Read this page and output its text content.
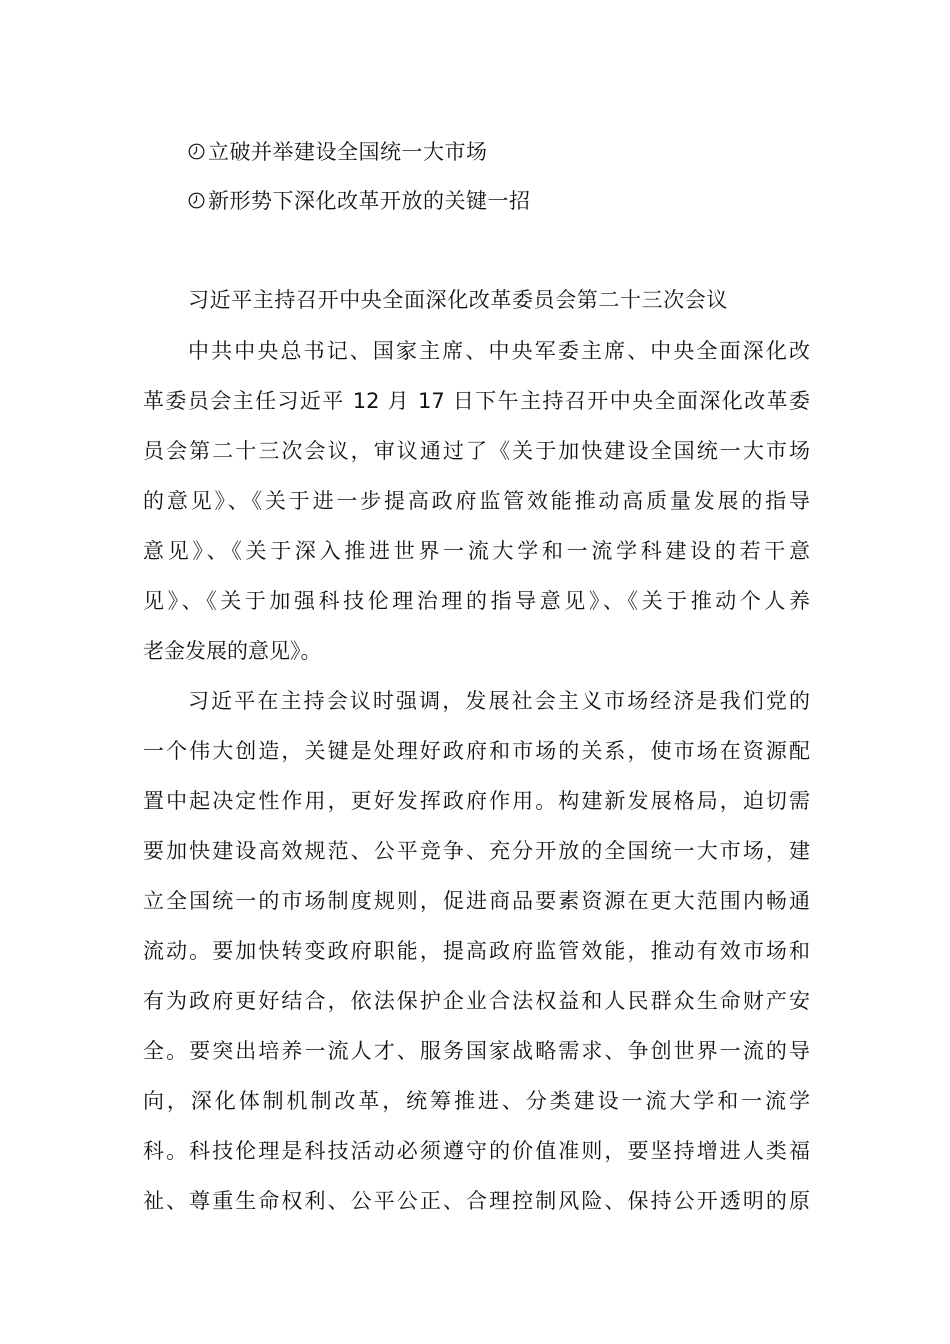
立破并举建设全国统一大市场
新形势下深化改革开放的关键一招
习近平主持召开中央全面深化改革委员会第二十三次会议
中共中央总书记、国家主席、中央军委主席、中央全面深化改
革委员会主任习近平 12 月 17 日下午主持召开中央全面深化改革委
员会第二十三次会议，审议通过了《关于加快建设全国统一大市场
的意见》、《关于进一步提高政府监管效能推动高质量发展的指导
意见》、《关于深入推进世界一流大学和一流学科建设的若干意
见》、《关于加强科技伦理治理的指导意见》、《关于推动个人养
老金发展的意见》。
习近平在主持会议时强调，发展社会主义市场经济是我们党的
一个伟大创造，关键是处理好政府和市场的关系，使市场在资源配
置中起决定性作用，更好发挥政府作用。构建新发展格局，迫切需
要加快建设高效规范、公平竞争、充分开放的全国统一大市场，建
立全国统一的市场制度规则，促进商品要素资源在更大范围内畅通
流动。要加快转变政府职能，提高政府监管效能，推动有效市场和
有为政府更好结合，依法保护企业合法权益和人民群众生命财产安
全。要突出培养一流人才、服务国家战略需求、争创世界一流的导
向，深化体制机制改革，统筹推进、分类建设一流大学和一流学
科。科技伦理是科技活动必须遵守的价值准则，要坚持增进人类福
祉、尊重生命权利、公平公正、合理控制风险、保持公开透明的原
